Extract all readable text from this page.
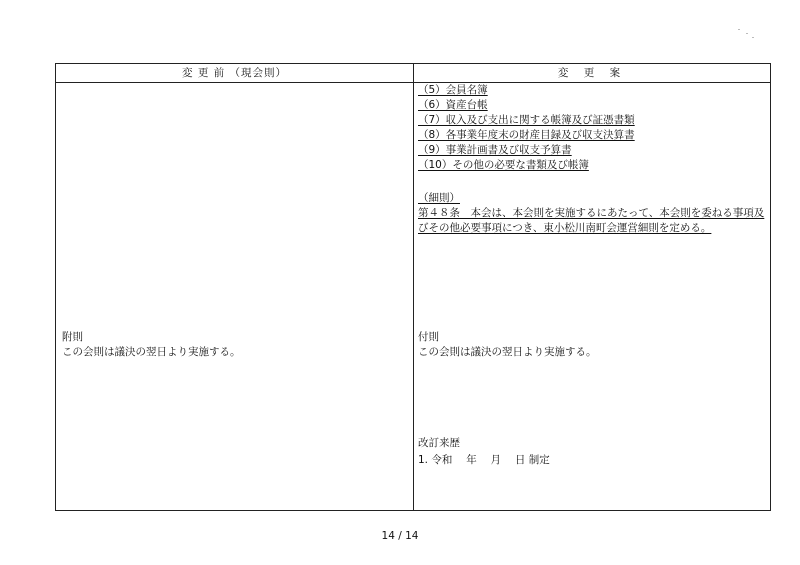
変 更 前 （現会則）	変 更 案
（5）会員名簿
（6）資産台帳
（7）収入及び支出に関する帳簿及び証憑書類
（8）各事業年度末の財産目録及び収支決算書
（9）事業計画書及び収支予算書
（10）その他の必要な書類及び帳簿
（細則）
第４８条　本会は、本会則を実施するにあたって、本会則を委ねる事項及
びその他必要事項につき、東小松川南町会運営細則を定める。
付則
この会則は議決の翌日より実施する。
改訂来歴
1. 令和　 年　 月　 日 制定
附則
この会則は議決の翌日より実施する。
14 / 14
